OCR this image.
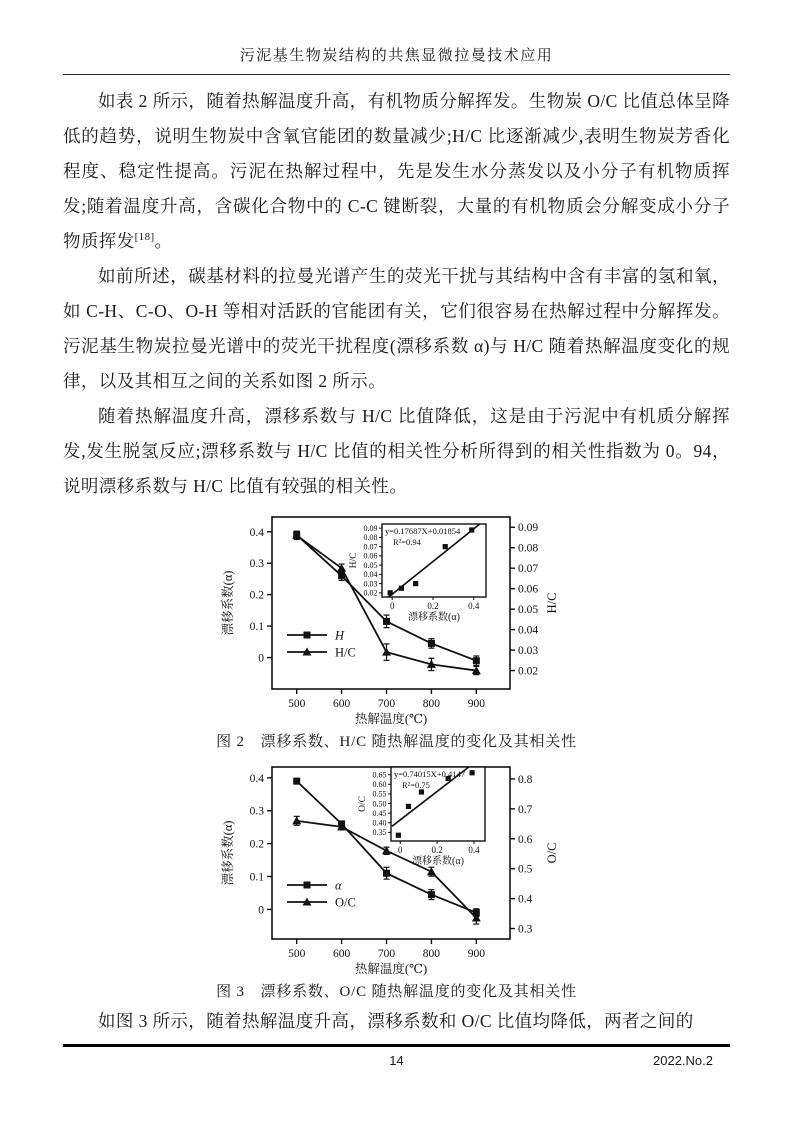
污泥基生物炭结构的共焦显微拉曼技术应用

如表 2 所示，随着热解温度升高，有机物质分解挥发。生物炭 O/C 比值总体呈降低的趋势，说明生物炭中含氧官能团的数量减少;H/C 比逐渐减少,表明生物炭芳香化程度、稳定性提高。污泥在热解过程中，先是发生水分蒸发以及小分子有机物质挥发;随着温度升高，含碳化合物中的 C-C 键断裂，大量的有机物质会分解变成小分子物质挥发[18]。

如前所述，碳基材料的拉曼光谱产生的荧光干扰与其结构中含有丰富的氢和氧，如 C-H、C-O、O-H 等相对活跃的官能团有关，它们很容易在热解过程中分解挥发。污泥基生物炭拉曼光谱中的荧光干扰程度(漂移系数 α)与 H/C 随着热解温度变化的规律，以及其相互之间的关系如图 2 所示。

随着热解温度升高，漂移系数与 H/C 比值降低，这是由于污泥中有机质分解挥发,发生脱氢反应;漂移系数与 H/C 比值的相关性分析所得到的相关性指数为 0。94，说明漂移系数与 H/C 比值有较强的相关性。

500 600 700 800 900
热解温度(℃)
0
0.1
0.2
0.3
0.4
漂移系数(α)
0.02
0.03
0.04
0.05
0.06
0.07
0.08
0.09
H/C
H
H/C
0.02
0.03
0.04
0.05
0.06
0.07
0.08
0.09
0	0.2	0.4
H/C
漂移系数(α)
y=0.17687X+0.01854
R²=0.94
图 2　漂移系数、H/C 随热解温度的变化及其相关性
500 600 700 800 900
热解温度(℃)
0
0.1
0.2
0.3
0.4
漂移系数(α)
0.3
0.4
0.5
0.6
0.7
0.8
O/C
α
O/C
0.35
0.40
0.45
0.50
0.55
0.60
0.65
0	0.2	0.4
O/C
漂移系数(α)
y=0.74015X+0.4147
R²=0.75
图 3　漂移系数、O/C 随热解温度的变化及其相关性

如图 3 所示，随着热解温度升高，漂移系数和 O/C 比值均降低，两者之间的

14	2022.No.2
